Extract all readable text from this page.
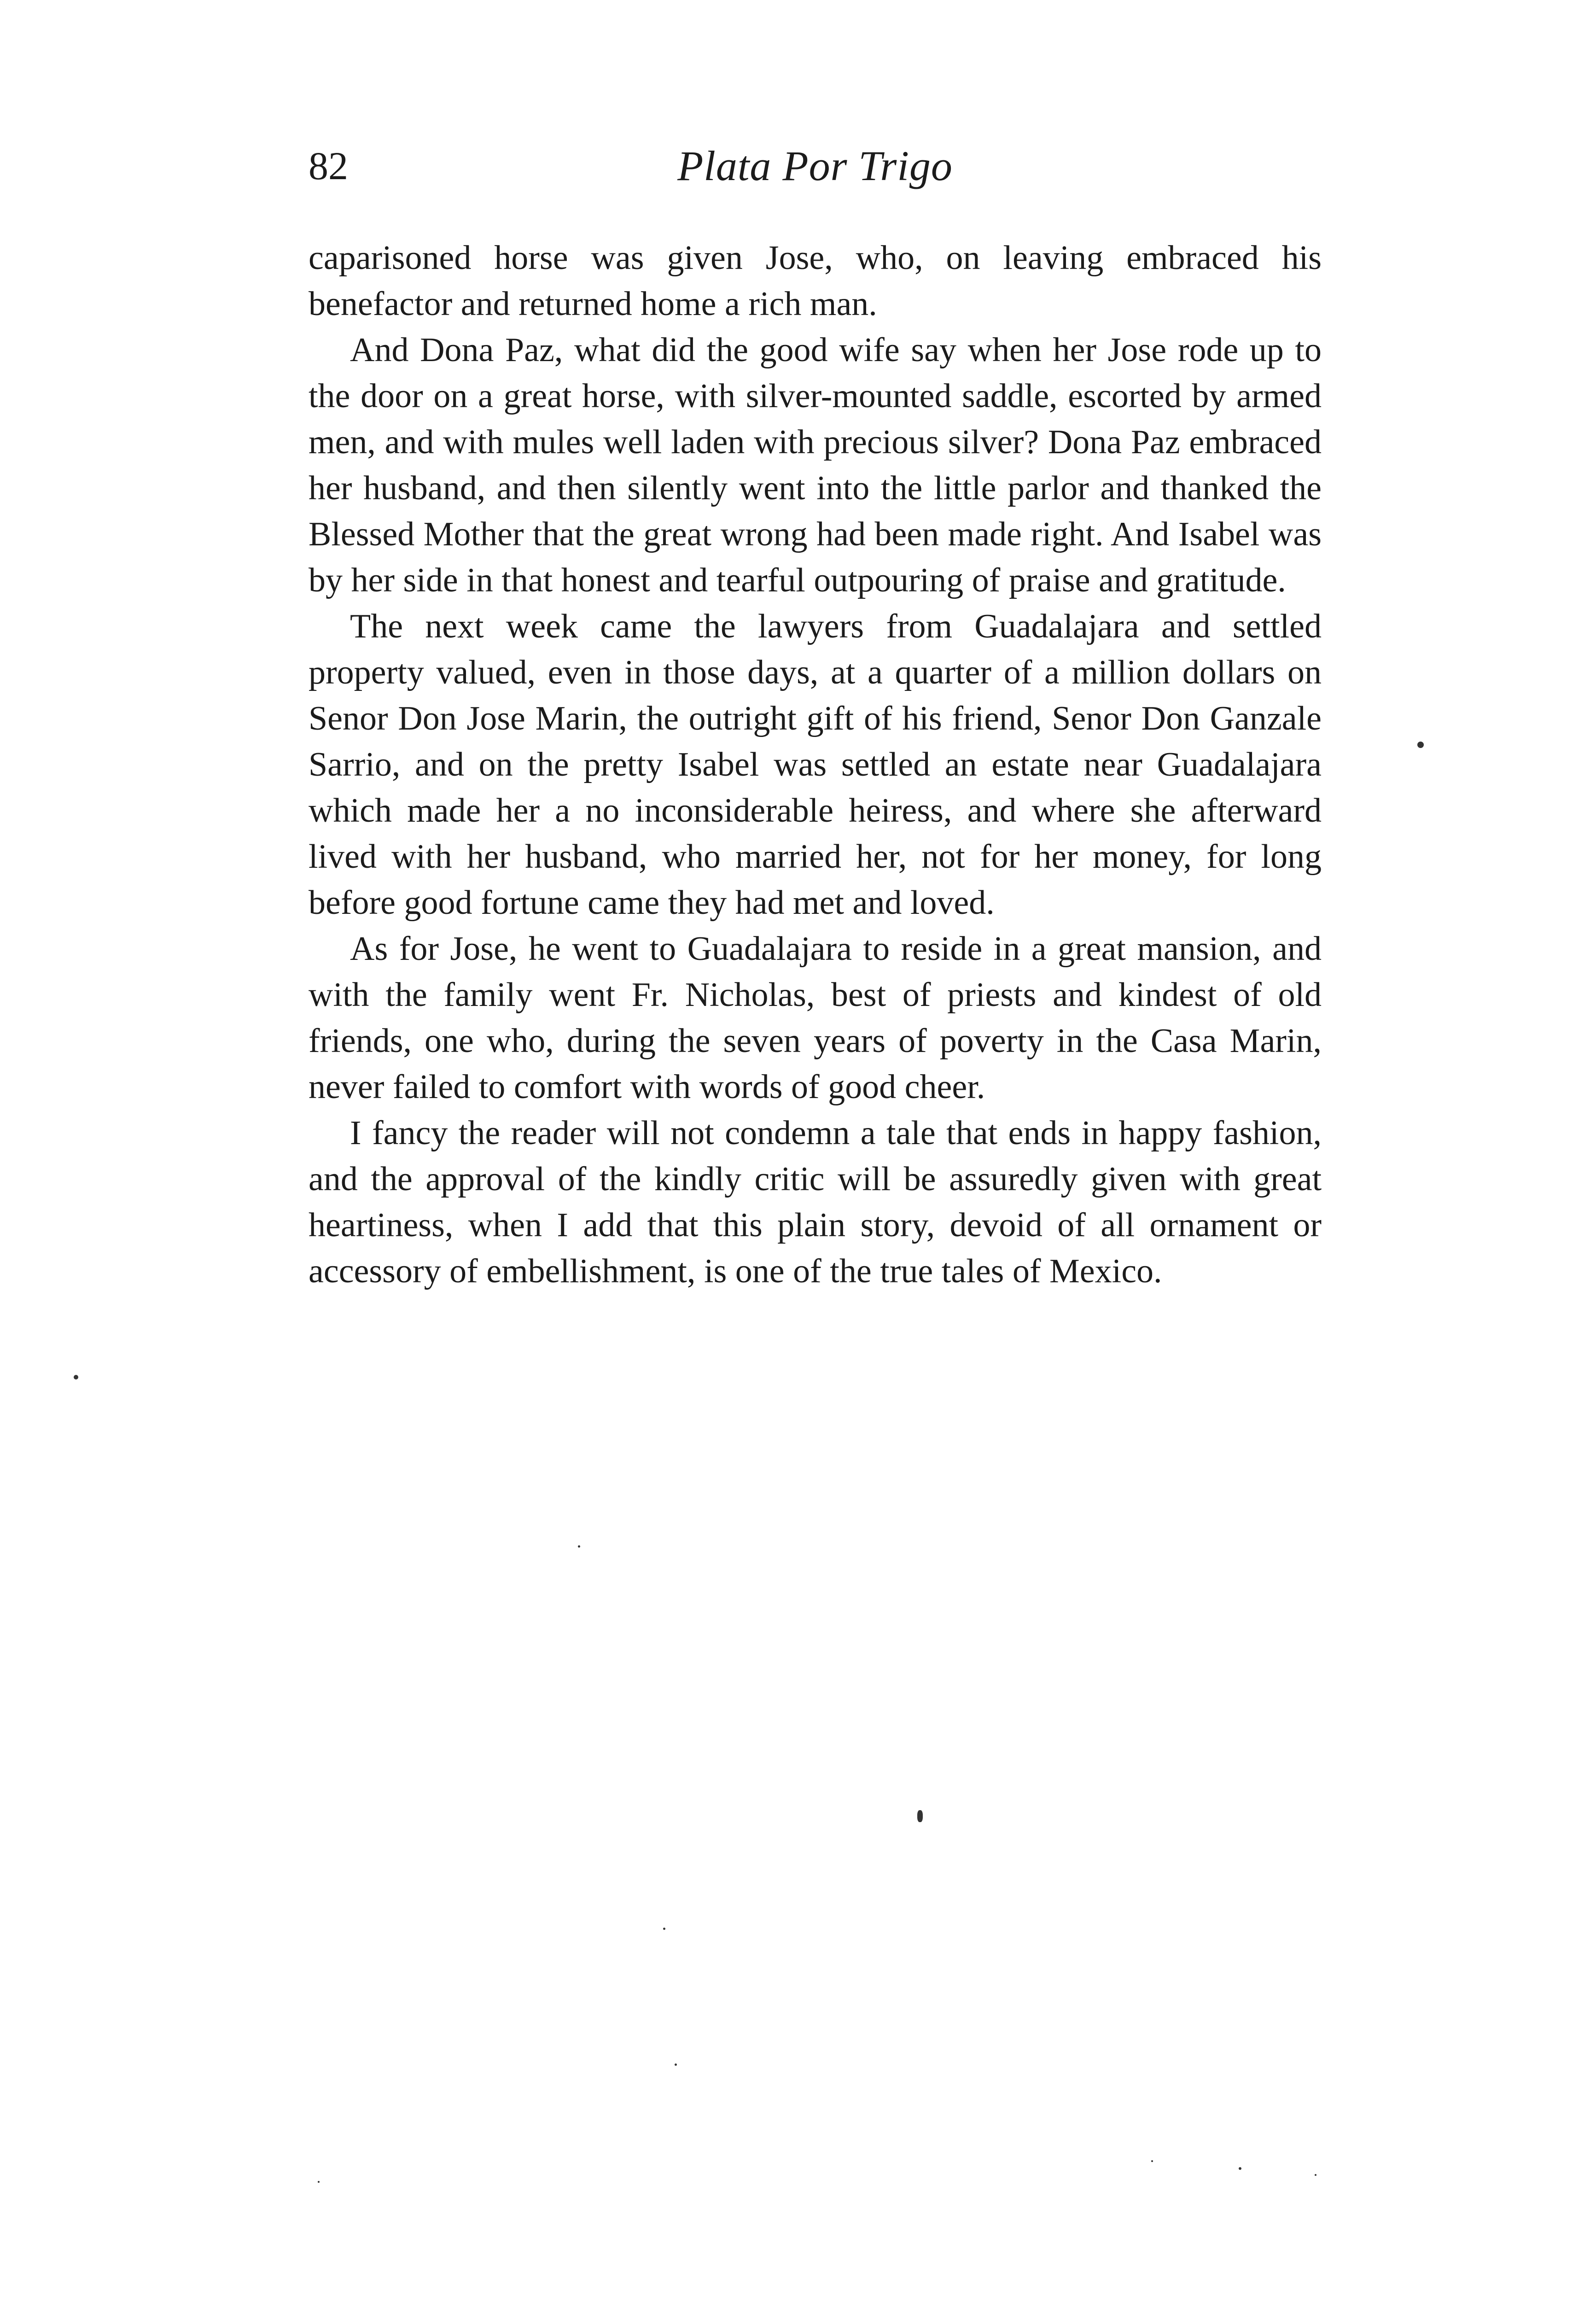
82	Plata Por Trigo

caparisoned horse was given Jose, who, on leaving embraced his benefactor and returned home a rich man.

And Dona Paz, what did the good wife say when her Jose rode up to the door on a great horse, with silver-mounted saddle, escorted by armed men, and with mules well laden with precious silver? Dona Paz embraced her husband, and then silently went into the little parlor and thanked the Blessed Mother that the great wrong had been made right. And Isabel was by her side in that honest and tearful outpouring of praise and gratitude.

The next week came the lawyers from Guadalajara and settled property valued, even in those days, at a quarter of a million dollars on Senor Don Jose Marin, the outright gift of his friend, Senor Don Ganzale Sarrio, and on the pretty Isabel was settled an estate near Guadalajara which made her a no inconsiderable heiress, and where she afterward lived with her husband, who married her, not for her money, for long before good fortune came they had met and loved.

As for Jose, he went to Guadalajara to reside in a great mansion, and with the family went Fr. Nicholas, best of priests and kindest of old friends, one who, during the seven years of poverty in the Casa Marin, never failed to comfort with words of good cheer.

I fancy the reader will not condemn a tale that ends in happy fashion, and the approval of the kindly critic will be assuredly given with great heartiness, when I add that this plain story, devoid of all ornament or accessory of embellishment, is one of the true tales of Mexico.
